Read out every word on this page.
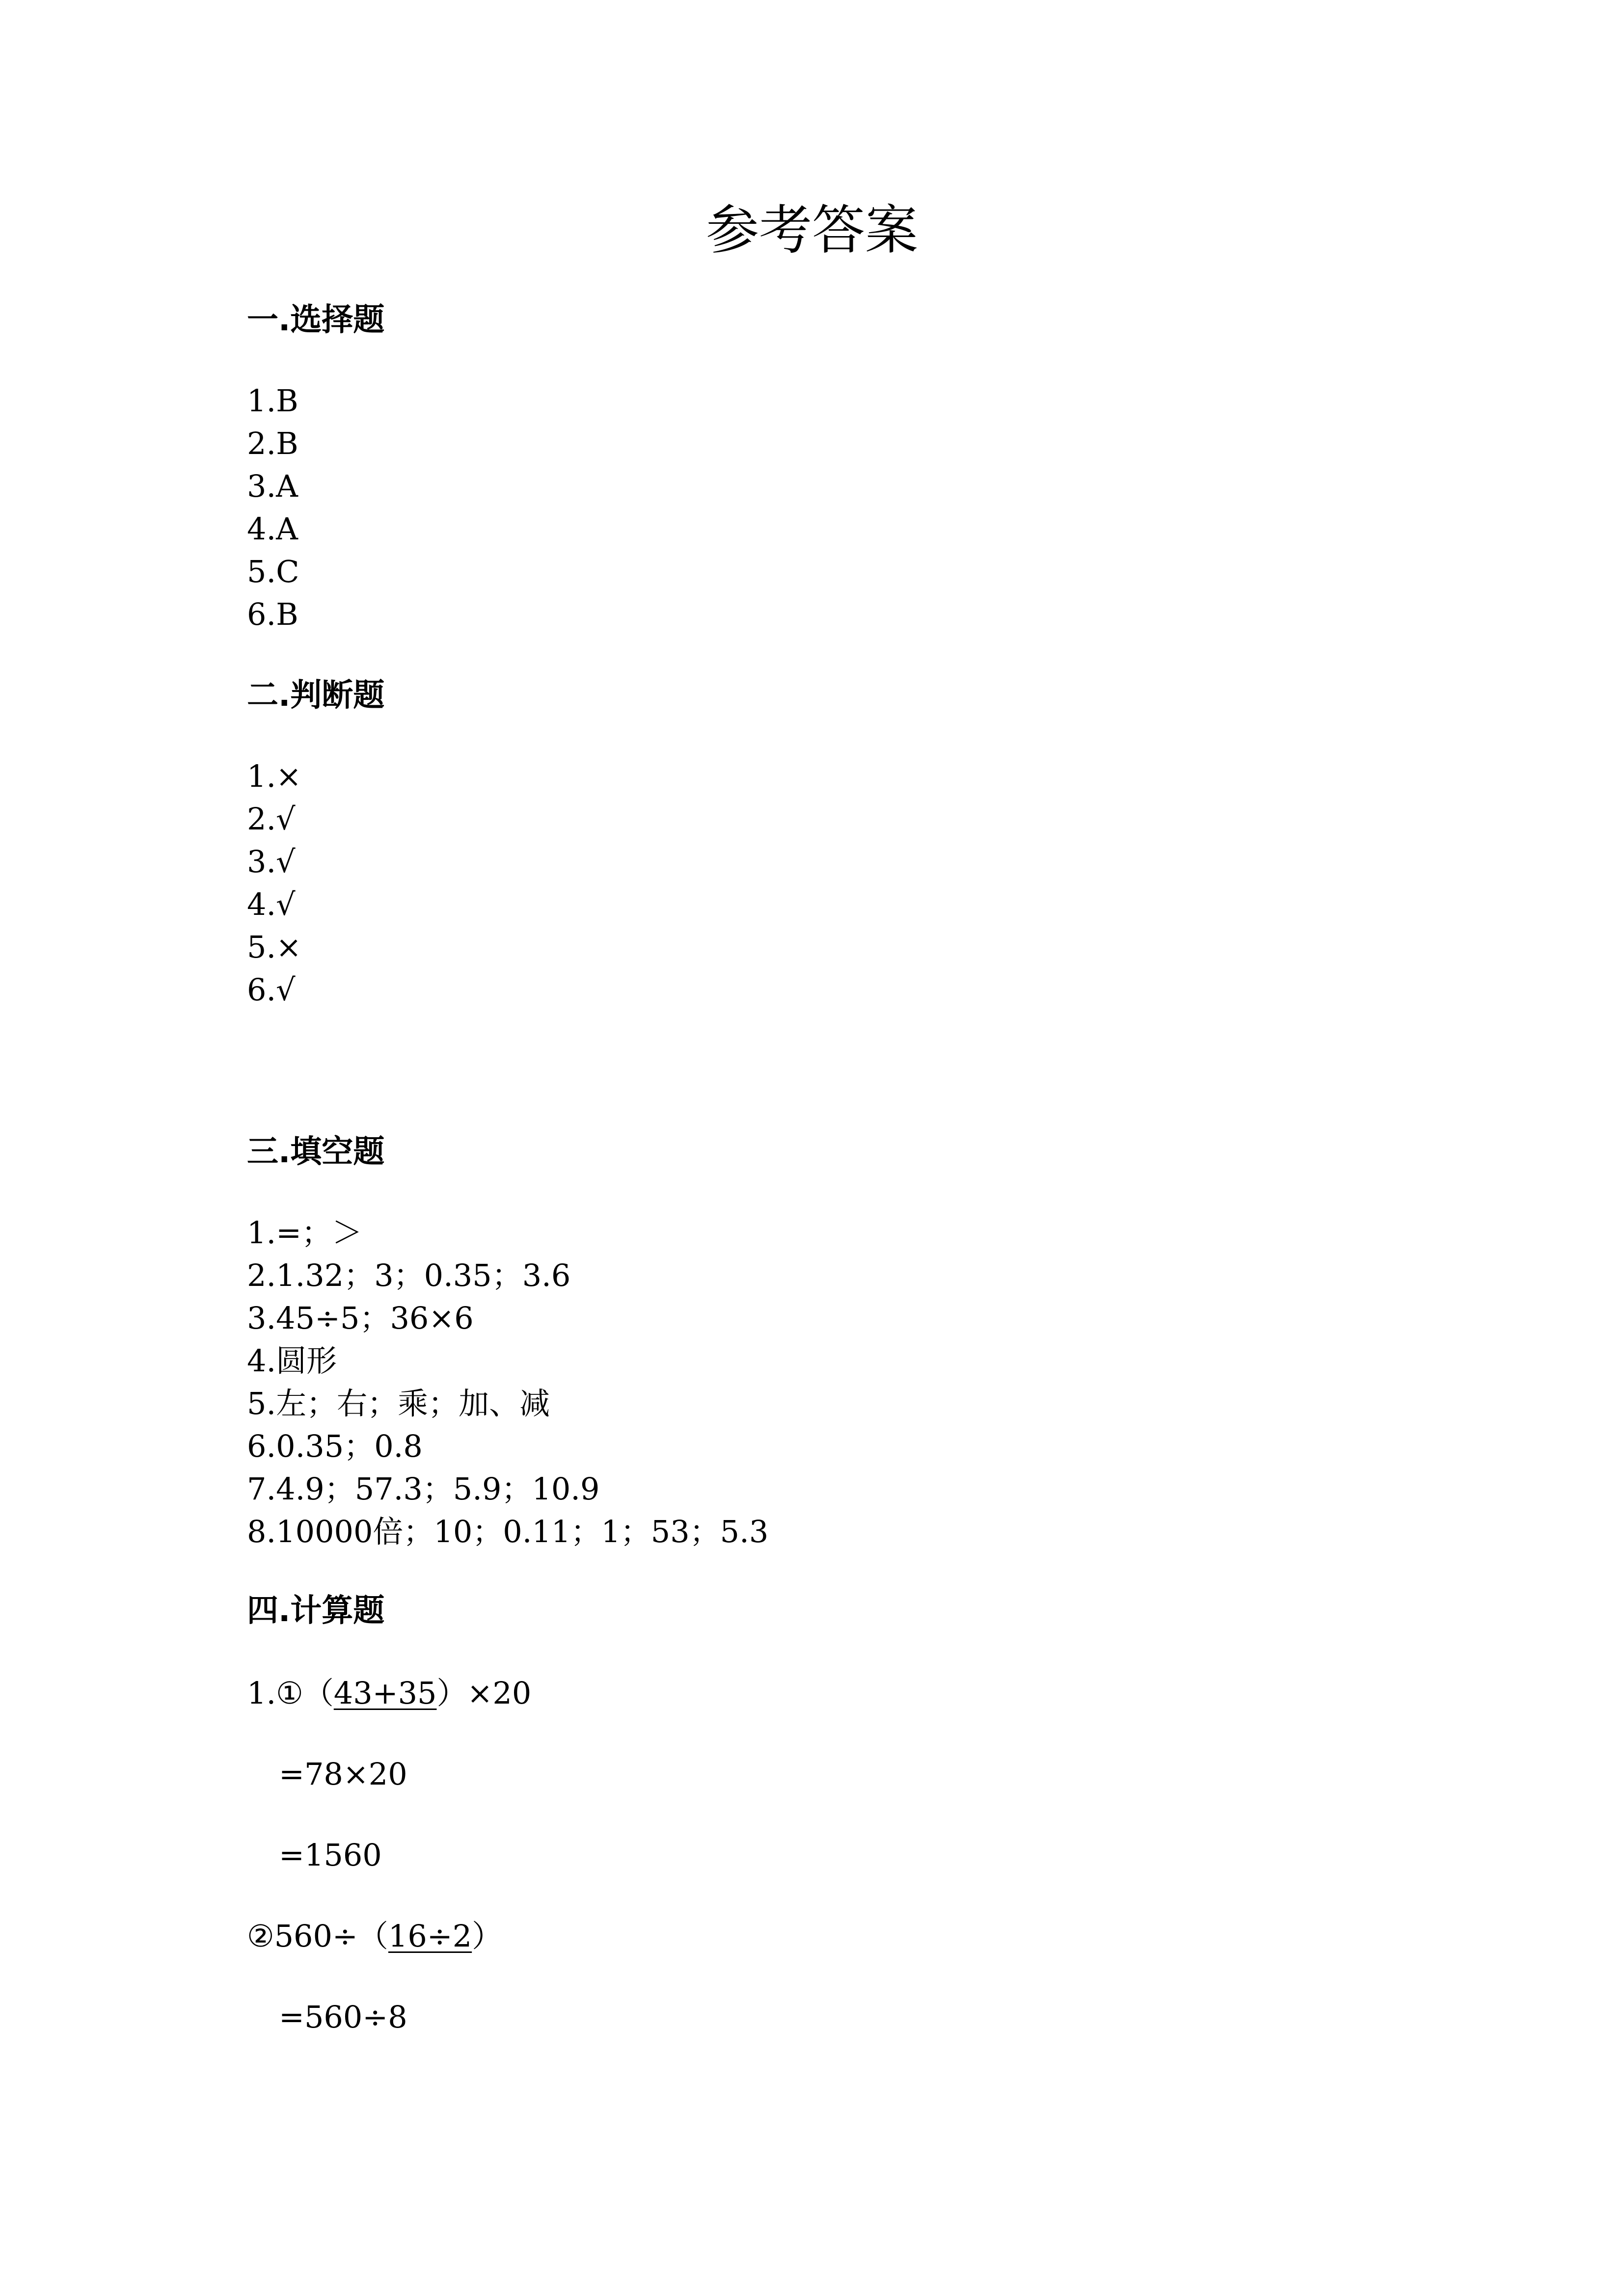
参考答案
一.选择题
1.B
2.B
3.A
4.A
5.C
6.B
二.判断题
1.×
2.√
3.√
4.√
5.×
6.√
三.填空题
1.=；＞
2.1.32；3；0.35；3.6
3.45÷5；36×6
4.圆形
5.左；右；乘；加、减
6.0.35；0.8
7.4.9；57.3；5.9；10.9
8.10000倍；10；0.11；1；53；5.3
四.计算题
1.①（43+35）×20
=78×20
=1560
②560÷（16÷2）
=560÷8
